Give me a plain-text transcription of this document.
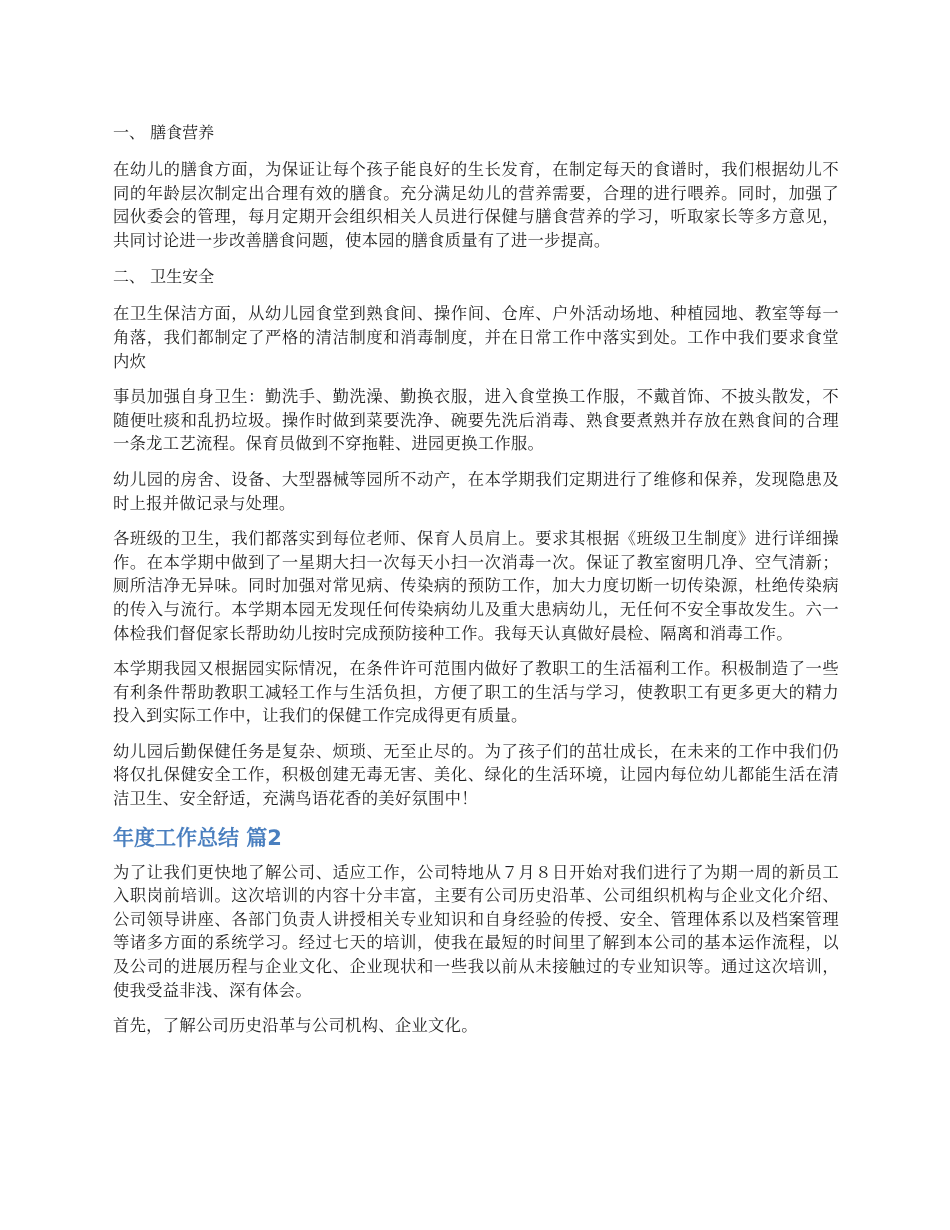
一、 膳食营养

在幼儿的膳食方面，为保证让每个孩子能良好的生长发育，在制定每天的食谱时，我们根据幼儿不同的年龄层次制定出合理有效的膳食。充分满足幼儿的营养需要，合理的进行喂养。同时，加强了园伙委会的管理，每月定期开会组织相关人员进行保健与膳食营养的学习，听取家长等多方意见，共同讨论进一步改善膳食问题，使本园的膳食质量有了进一步提高。

二、 卫生安全

在卫生保洁方面，从幼儿园食堂到熟食间、操作间、仓库、户外活动场地、种植园地、教室等每一角落，我们都制定了严格的清洁制度和消毒制度，并在日常工作中落实到处。工作中我们要求食堂内炊

事员加强自身卫生：勤洗手、勤洗澡、勤换衣服，进入食堂换工作服，不戴首饰、不披头散发，不随便吐痰和乱扔垃圾。操作时做到菜要洗净、碗要先洗后消毒、熟食要煮熟并存放在熟食间的合理一条龙工艺流程。保育员做到不穿拖鞋、进园更换工作服。

幼儿园的房舍、设备、大型器械等园所不动产，在本学期我们定期进行了维修和保养，发现隐患及时上报并做记录与处理。

各班级的卫生，我们都落实到每位老师、保育人员肩上。要求其根据《班级卫生制度》进行详细操作。在本学期中做到了一星期大扫一次每天小扫一次消毒一次。保证了教室窗明几净、空气清新；厕所洁净无异味。同时加强对常见病、传染病的预防工作，加大力度切断一切传染源，杜绝传染病的传入与流行。本学期本园无发现任何传染病幼儿及重大患病幼儿，无任何不安全事故发生。六一体检我们督促家长帮助幼儿按时完成预防接种工作。我每天认真做好晨检、隔离和消毒工作。

本学期我园又根据园实际情况，在条件许可范围内做好了教职工的生活福利工作。积极制造了一些有利条件帮助教职工减轻工作与生活负担，方便了职工的生活与学习，使教职工有更多更大的精力投入到实际工作中，让我们的保健工作完成得更有质量。

幼儿园后勤保健任务是复杂、烦琐、无至止尽的。为了孩子们的茁壮成长，在未来的工作中我们仍将仅扎保健安全工作，积极创建无毒无害、美化、绿化的生活环境，让园内每位幼儿都能生活在清洁卫生、安全舒适，充满鸟语花香的美好氛围中！

年度工作总结 篇2

为了让我们更快地了解公司、适应工作，公司特地从７月８日开始对我们进行了为期一周的新员工入职岗前培训。这次培训的内容十分丰富，主要有公司历史沿革、公司组织机构与企业文化介绍、公司领导讲座、各部门负责人讲授相关专业知识和自身经验的传授、安全、管理体系以及档案管理等诸多方面的系统学习。经过七天的培训，使我在最短的时间里了解到本公司的基本运作流程，以及公司的进展历程与企业文化、企业现状和一些我以前从未接触过的专业知识等。通过这次培训，使我受益非浅、深有体会。

首先，了解公司历史沿革与公司机构、企业文化。
